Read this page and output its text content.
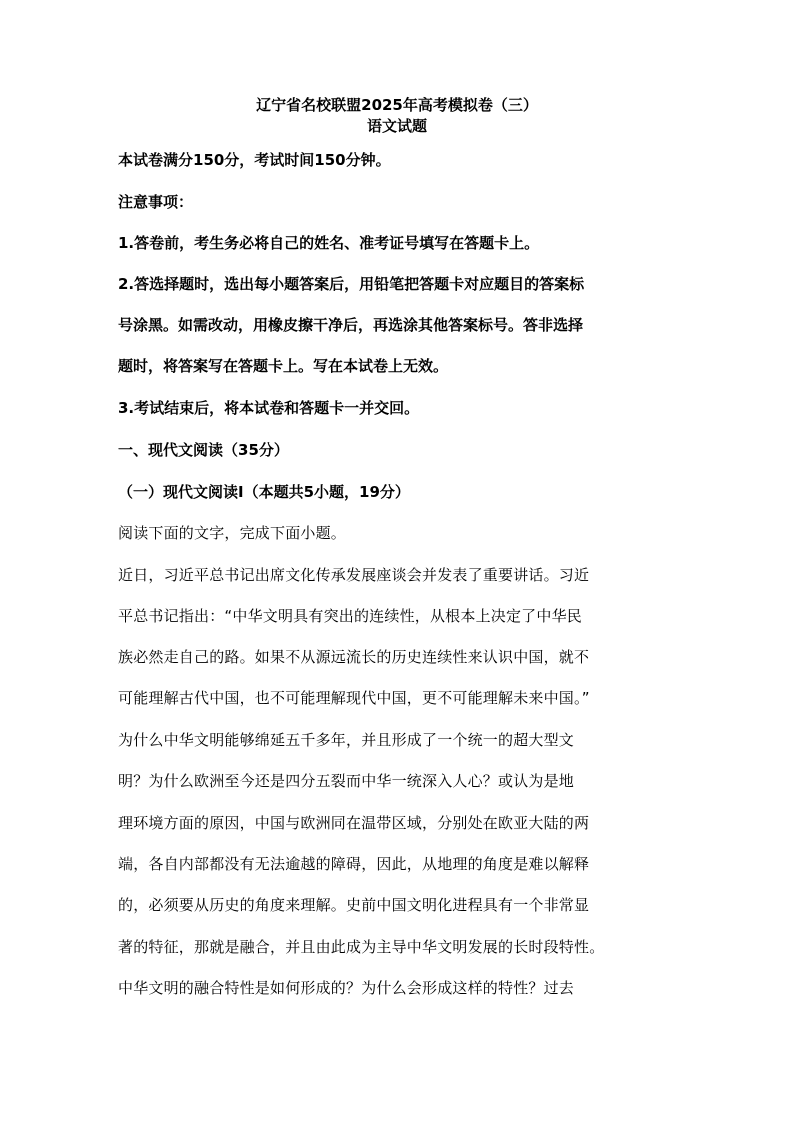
辽宁省名校联盟2025年高考模拟卷（三）
语文试题
本试卷满分150分，考试时间150分钟。
注意事项：
1.答卷前，考生务必将自己的姓名、准考证号填写在答题卡上。
2.答选择题时，选出每小题答案后，用铅笔把答题卡对应题目的答案标
号涂黑。如需改动，用橡皮擦干净后，再选涂其他答案标号。答非选择
题时，将答案写在答题卡上。写在本试卷上无效。
3.考试结束后，将本试卷和答题卡一并交回。
一、现代文阅读（35分）
（一）现代文阅读Ⅰ（本题共5小题，19分）
阅读下面的文字，完成下面小题。
近日，习近平总书记出席文化传承发展座谈会并发表了重要讲话。习近
平总书记指出：“中华文明具有突出的连续性，从根本上决定了中华民
族必然走自己的路。如果不从源远流长的历史连续性来认识中国，就不
可能理解古代中国，也不可能理解现代中国，更不可能理解未来中国。”
为什么中华文明能够绵延五千多年，并且形成了一个统一的超大型文
明？为什么欧洲至今还是四分五裂而中华一统深入人心？或认为是地
理环境方面的原因，中国与欧洲同在温带区域，分别处在欧亚大陆的两
端，各自内部都没有无法逾越的障碍，因此，从地理的角度是难以解释
的，必须要从历史的角度来理解。史前中国文明化进程具有一个非常显
著的特征，那就是融合，并且由此成为主导中华文明发展的长时段特性。
中华文明的融合特性是如何形成的？为什么会形成这样的特性？过去
